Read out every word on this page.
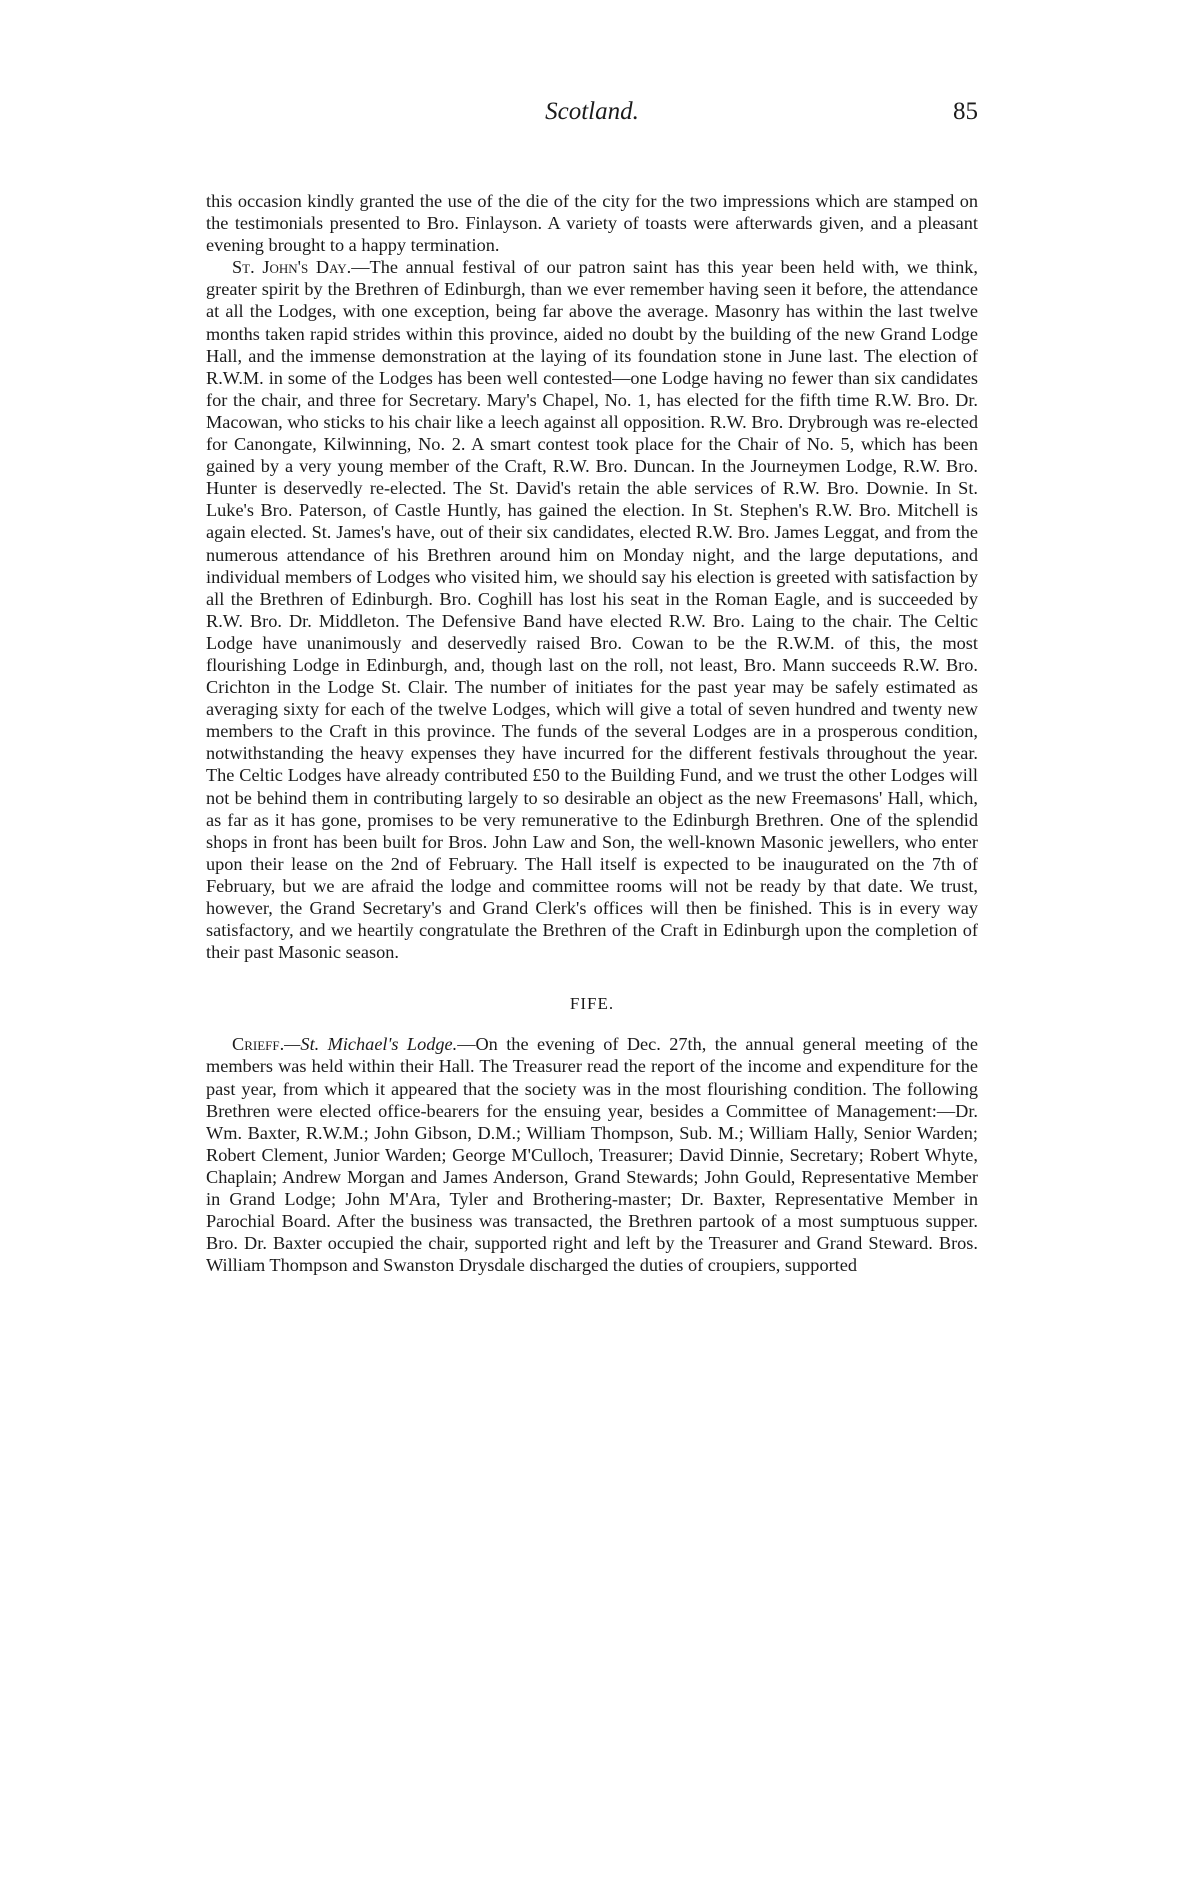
Scotland.	85

this occasion kindly granted the use of the die of the city for the two impressions which are stamped on the testimonials presented to Bro. Finlayson. A variety of toasts were afterwards given, and a pleasant evening brought to a happy termination.

St. John's Day.—The annual festival of our patron saint has this year been held with, we think, greater spirit by the Brethren of Edinburgh, than we ever remember having seen it before, the attendance at all the Lodges, with one exception, being far above the average. Masonry has within the last twelve months taken rapid strides within this province, aided no doubt by the building of the new Grand Lodge Hall, and the immense demonstration at the laying of its foundation stone in June last. The election of R.W.M. in some of the Lodges has been well contested—one Lodge having no fewer than six candidates for the chair, and three for Secretary. Mary's Chapel, No. 1, has elected for the fifth time R.W. Bro. Dr. Macowan, who sticks to his chair like a leech against all opposition. R.W. Bro. Drybrough was re-elected for Canongate, Kilwinning, No. 2. A smart contest took place for the Chair of No. 5, which has been gained by a very young member of the Craft, R.W. Bro. Duncan. In the Journeymen Lodge, R.W. Bro. Hunter is deservedly re-elected. The St. David's retain the able services of R.W. Bro. Downie. In St. Luke's Bro. Paterson, of Castle Huntly, has gained the election. In St. Stephen's R.W. Bro. Mitchell is again elected. St. James's have, out of their six candidates, elected R.W. Bro. James Leggat, and from the numerous attendance of his Brethren around him on Monday night, and the large deputations, and individual members of Lodges who visited him, we should say his election is greeted with satisfaction by all the Brethren of Edinburgh. Bro. Coghill has lost his seat in the Roman Eagle, and is succeeded by R.W. Bro. Dr. Middleton. The Defensive Band have elected R.W. Bro. Laing to the chair. The Celtic Lodge have unanimously and deservedly raised Bro. Cowan to be the R.W.M. of this, the most flourishing Lodge in Edinburgh, and, though last on the roll, not least, Bro. Mann succeeds R.W. Bro. Crichton in the Lodge St. Clair. The number of initiates for the past year may be safely estimated as averaging sixty for each of the twelve Lodges, which will give a total of seven hundred and twenty new members to the Craft in this province. The funds of the several Lodges are in a prosperous condition, notwithstanding the heavy expenses they have incurred for the different festivals throughout the year. The Celtic Lodges have already contributed £50 to the Building Fund, and we trust the other Lodges will not be behind them in contributing largely to so desirable an object as the new Freemasons' Hall, which, as far as it has gone, promises to be very remunerative to the Edinburgh Brethren. One of the splendid shops in front has been built for Bros. John Law and Son, the well-known Masonic jewellers, who enter upon their lease on the 2nd of February. The Hall itself is expected to be inaugurated on the 7th of February, but we are afraid the lodge and committee rooms will not be ready by that date. We trust, however, the Grand Secretary's and Grand Clerk's offices will then be finished. This is in every way satisfactory, and we heartily congratulate the Brethren of the Craft in Edinburgh upon the completion of their past Masonic season.

FIFE.

Crieff.—St. Michael's Lodge.—On the evening of Dec. 27th, the annual general meeting of the members was held within their Hall. The Treasurer read the report of the income and expenditure for the past year, from which it appeared that the society was in the most flourishing condition. The following Brethren were elected office-bearers for the ensuing year, besides a Committee of Management:—Dr. Wm. Baxter, R.W.M.; John Gibson, D.M.; William Thompson, Sub. M.; William Hally, Senior Warden; Robert Clement, Junior Warden; George M'Culloch, Treasurer; David Dinnie, Secretary; Robert Whyte, Chaplain; Andrew Morgan and James Anderson, Grand Stewards; John Gould, Representative Member in Grand Lodge; John M'Ara, Tyler and Brothering-master; Dr. Baxter, Representative Member in Parochial Board. After the business was transacted, the Brethren partook of a most sumptuous supper. Bro. Dr. Baxter occupied the chair, supported right and left by the Treasurer and Grand Steward. Bros. William Thompson and Swanston Drysdale discharged the duties of croupiers, supported
